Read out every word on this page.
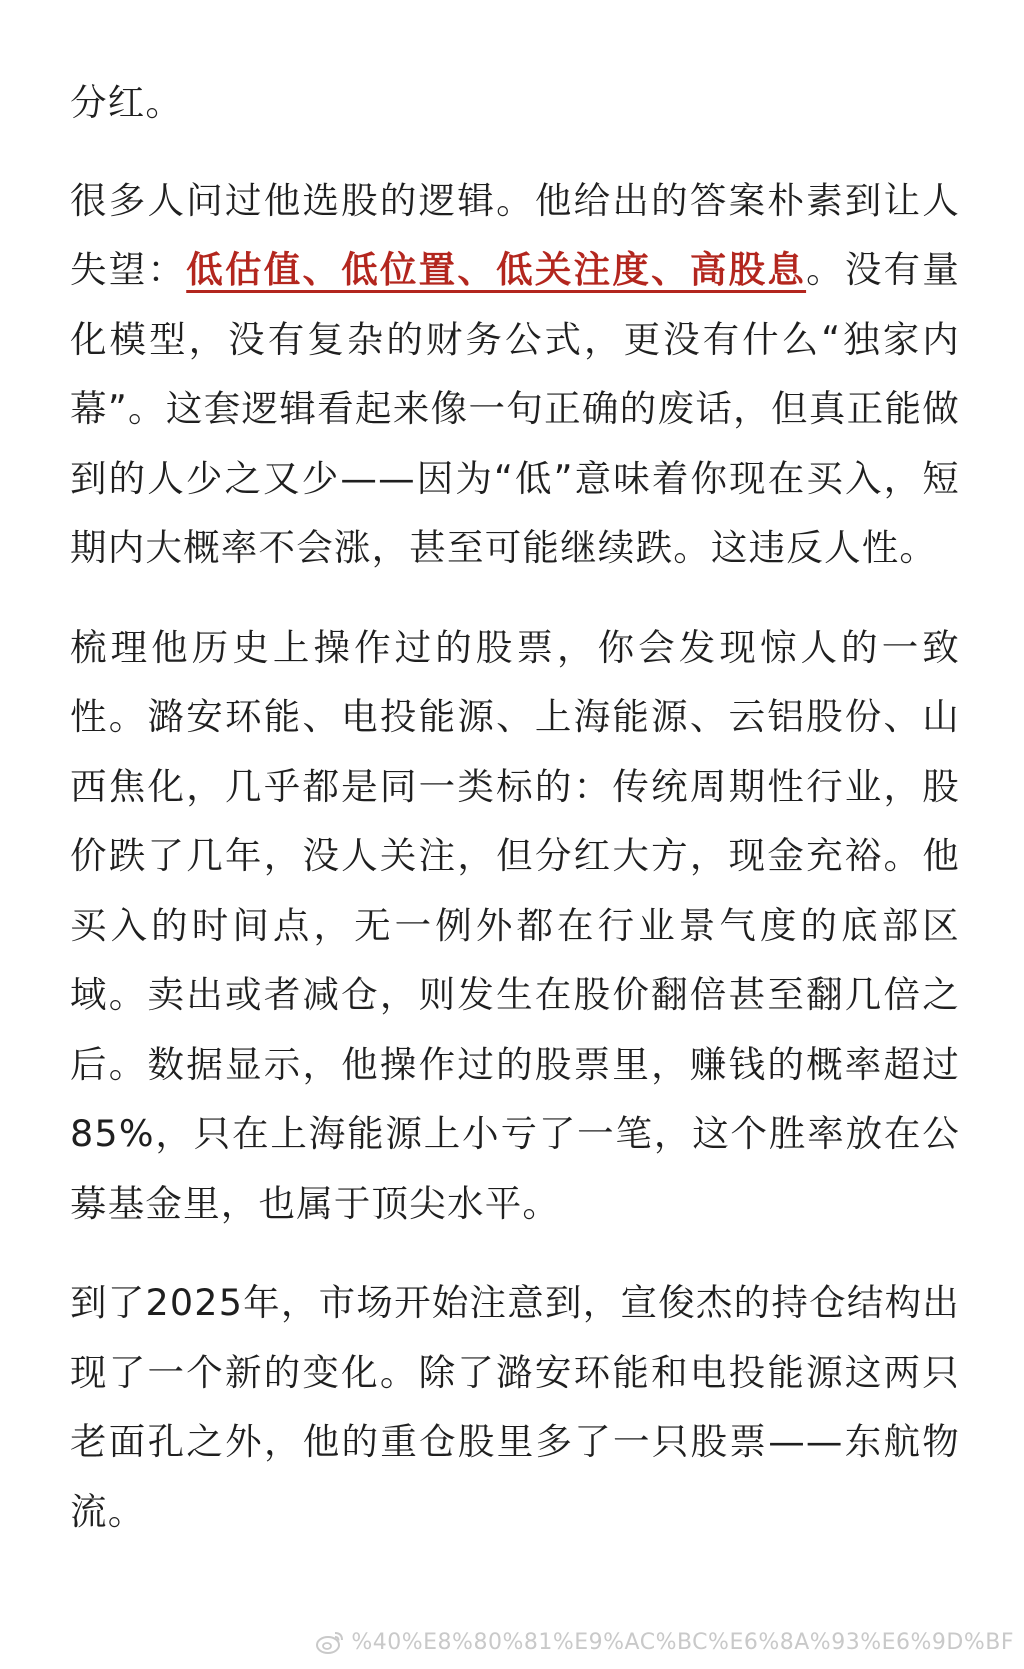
分红。

很多人问过他选股的逻辑。他给出的答案朴素到让人失望：低估值、低位置、低关注度、高股息。没有量化模型，没有复杂的财务公式，更没有什么“独家内幕”。这套逻辑看起来像一句正确的废话，但真正能做到的人少之又少——因为“低”意味着你现在买入，短期内大概率不会涨，甚至可能继续跌。这违反人性。

梳理他历史上操作过的股票，你会发现惊人的一致性。潞安环能、电投能源、上海能源、云铝股份、山西焦化，几乎都是同一类标的：传统周期性行业，股价跌了几年，没人关注，但分红大方，现金充裕。他买入的时间点，无一例外都在行业景气度的底部区域。卖出或者减仓，则发生在股价翻倍甚至翻几倍之后。数据显示，他操作过的股票里，赚钱的概率超过85%，只在上海能源上小亏了一笔，这个胜率放在公募基金里，也属于顶尖水平。

到了2025年，市场开始注意到，宣俊杰的持仓结构出现了一个新的变化。除了潞安环能和电投能源这两只老面孔之外，他的重仓股里多了一只股票——东航物流。

%40%E8%80%81%E9%AC%BC%E6%8A%93%E6%9D%BF
